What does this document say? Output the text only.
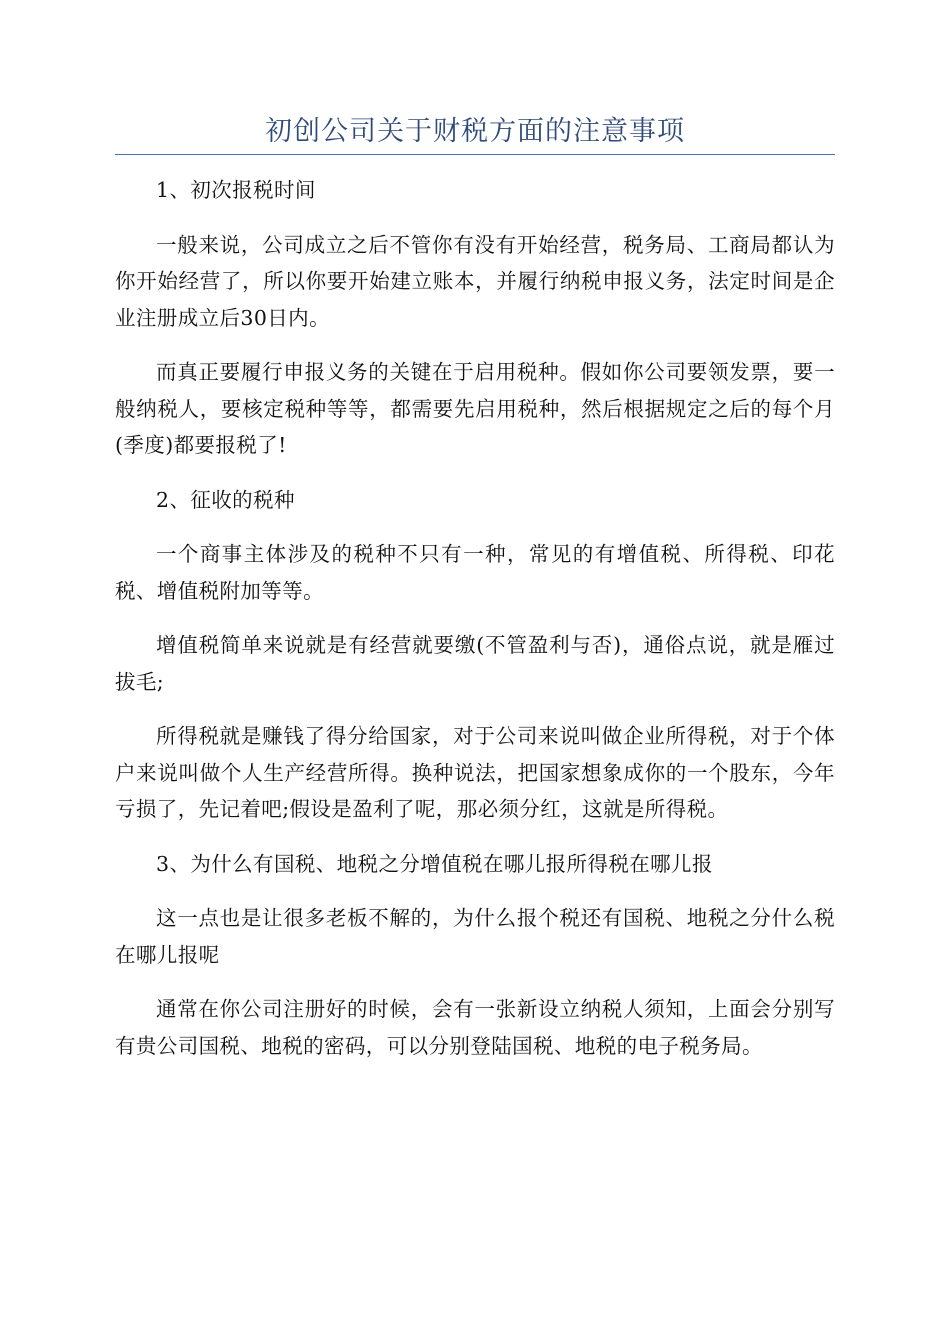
初创公司关于财税方面的注意事项

1、初次报税时间

一般来说，公司成立之后不管你有没有开始经营，税务局、工商局都认为你开始经营了，所以你要开始建立账本，并履行纳税申报义务，法定时间是企业注册成立后30日内。

而真正要履行申报义务的关键在于启用税种。假如你公司要领发票，要一般纳税人，要核定税种等等，都需要先启用税种，然后根据规定之后的每个月(季度)都要报税了!

2、征收的税种

一个商事主体涉及的税种不只有一种，常见的有增值税、所得税、印花税、增值税附加等等。

增值税简单来说就是有经营就要缴(不管盈利与否)，通俗点说，就是雁过拔毛;

所得税就是赚钱了得分给国家，对于公司来说叫做企业所得税，对于个体户来说叫做个人生产经营所得。换种说法，把国家想象成你的一个股东，今年亏损了，先记着吧;假设是盈利了呢，那必须分红，这就是所得税。

3、为什么有国税、地税之分增值税在哪儿报所得税在哪儿报

这一点也是让很多老板不解的，为什么报个税还有国税、地税之分什么税在哪儿报呢

通常在你公司注册好的时候，会有一张新设立纳税人须知，上面会分别写有贵公司国税、地税的密码，可以分别登陆国税、地税的电子税务局。
